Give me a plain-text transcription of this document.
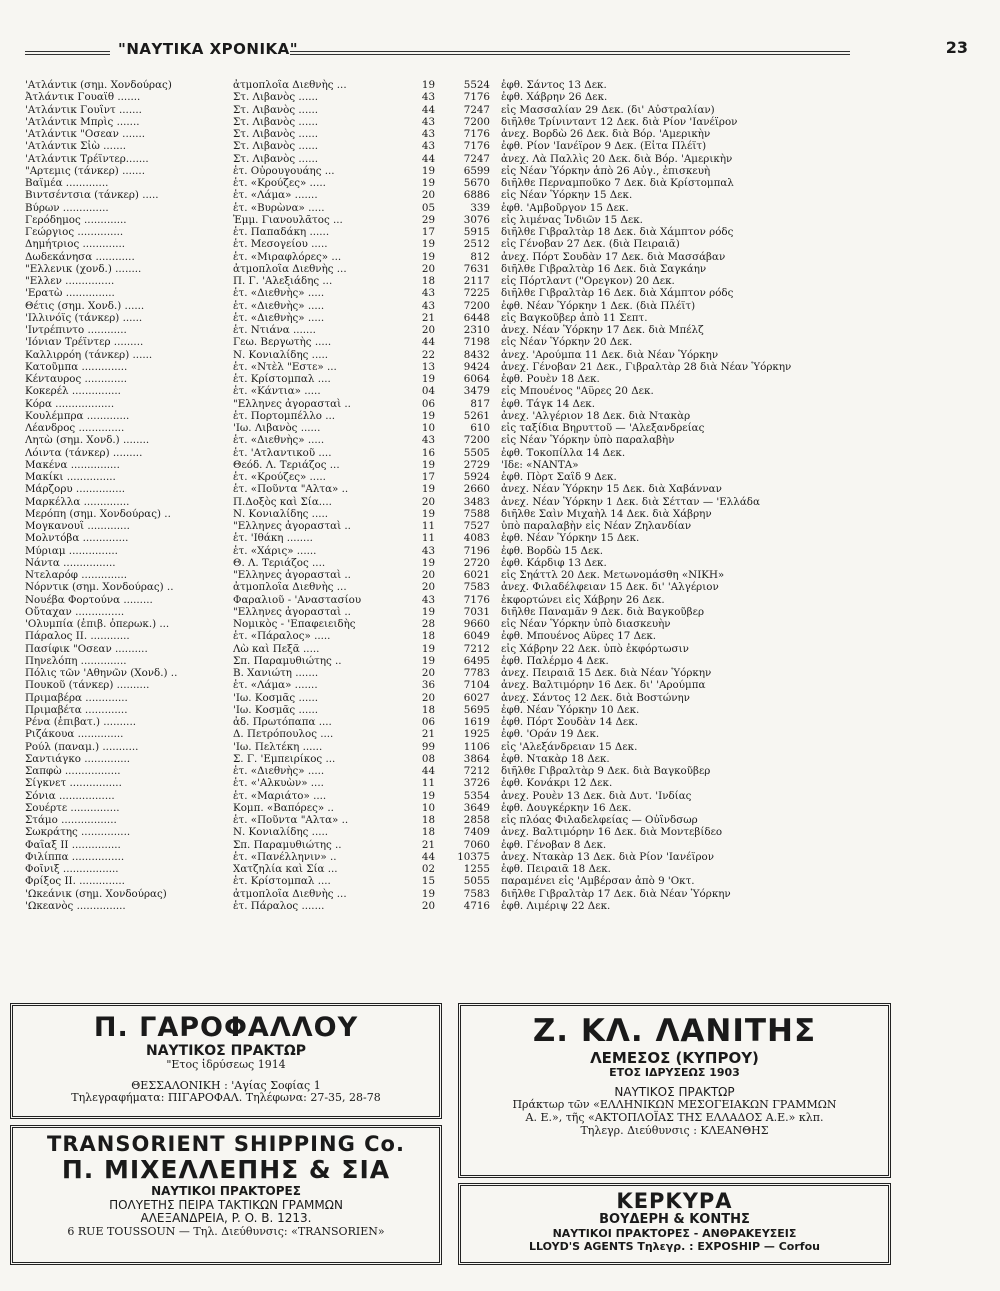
"ΝΑΥΤΙΚΑ ΧΡΟΝΙΚΑ"	23
'Ατλάντικ (σημ. Χονδούρας)	ἀτμοπλοΐα Διεθνὴς ...	19	5524 ἐφθ. Σάντος 13 Δεκ.
Ἀτλάντικ Γουαϊθ .......	Στ. Λιβανὸς ......	43	7176 ἐφθ. Χάβρην 26 Δεκ.
'Ατλάντικ Γουΐντ .......	Στ. Λιβανὸς ......	44	7247 εἰς Μασσαλίαν 29 Δεκ. (δι' Αὐστραλίαν)
'Ατλάντικ Μπρὶς .......	Στ. Λιβανὸς ......	43	7200 διῆλθε Τρίνινταντ 12 Δεκ. διὰ Ρίον 'Ιανέϊρον
'Ατλάντικ "Οσεαν .......	Στ. Λιβανὸς ......	43	7176 ἀνεχ. Βορδὼ 26 Δεκ. διὰ Βόρ. 'Αμερικὴν
'Ατλάντικ Σἰὼ .......	Στ. Λιβανὸς ......	43	7176 ἐφθ. Ρίον 'Ιανέϊρον 9 Δεκ. (Εἶτα Πλέϊτ)
'Ατλάντικ Τρέϊντερ.......	Στ. Λιβανὸς ......	44	7247 ἀνεχ. Λὰ Παλλὶς 20 Δεκ. διὰ Βόρ. 'Αμερικὴν
"Αρτεμις (τάνκερ) .......	ἑτ. Οὐρουγουάης ...	19	6599 εἰς Νέαν Ὑόρκην ἀπὸ 26 Αὐγ., ἐπισκευὴ
Βαϊμέα .............	ἑτ. «Κρούζες» .....	19	5670 διῆλθε Περναμποῦκο 7 Δεκ. διὰ Κρίστομπαλ
Βιντσέντσια (τάνκερ) .....	ἑτ. «Λάμα» .......	20	6886 εἰς Νέαν Ὑόρκην 15 Δεκ.
Βύρων ..............	ἑτ. «Βυρὼνα» .....	05	339 ἐφθ. 'Αμβοῦργον 15 Δεκ.
Γερόδημος .............	Ἐμμ. Γιανουλᾶτος ...	29	3076 εἰς λιμένας Ἰνδιῶν 15 Δεκ.
Γεώργιος ..............	ἑτ. Παπαδάκη ......	17	5915 διῆλθε Γιβραλτὰρ 18 Δεκ. διὰ Χάμπτον ρόδς
Δημήτριος .............	ἑτ. Μεσογείου .....	19	2512 εἰς Γένοβαν 27 Δεκ. (διὰ Πειραιᾶ)
Δωδεκάνησα ............	ἑτ. «Μιραφλόρες» ...	19	812 ἀνεχ. Πόρτ Σουδὰν 17 Δεκ. διὰ Μασσάβαν
"Ελλενικ (χονδ.) ........	ἀτμοπλοΐα Διεθνὴς ...	20	7631 διῆλθε Γιβραλτὰρ 16 Δεκ. διὰ Σαγκάην
"Ελλεν ...............	Π. Γ. 'Αλεξιάδης ...	18	2117 εἰς Πόρτλαντ ("Ορεγκον) 20 Δεκ.
'Ερατὼ ...............	ἑτ. «Διεθνὴς» .....	43	7225 διῆλθε Γιβραλτὰρ 16 Δεκ. διὰ Χάμπτον ρόδς
Θέτις (σημ. Χονδ.) ......	ἑτ. «Διεθνὴς» .....	43	7200 ἐφθ. Νέαν Ὑόρκην 1 Δεκ. (διὰ Πλέϊτ)
'Ιλλινόϊς (τάνκερ) ......	ἑτ. «Διεθνὴς» .....	21	6448 εἰς Βαγκοῦβερ ἀπὸ 11 Σεπτ.
'Ιντρέπιντο ............	ἑτ. Ντιάνα .......	20	2310 ἀνεχ. Νέαν Ὑόρκην 17 Δεκ. διὰ Μπέλζ
'Ιόνιαν Τρέϊντερ .........	Γεω. Βεργωτὴς .....	44	7198 εἰς Νέαν Ὑόρκην 20 Δεκ.
Καλλιρρόη (τάνκερ) ......	Ν. Κονιαλίδης .....	22	8432 ἀνεχ. 'Αρούμπα 11 Δεκ. διὰ Νέαν Ὑόρκην
Κατοῦμπα ..............	ἑτ. «Ντὲλ "Εστε» ...	13	9424 ἀνεχ. Γένοβαν 21 Δεκ., Γιβραλτὰρ 28 διὰ Νέαν Ὑόρκην
Κένταυρος .............	ἑτ. Κρίστομπαλ ....	19	6064 ἐφθ. Ρουὲν 18 Δεκ.
Κοκερέλ ...............	ἑτ. «Κάντια» .....	04	3479 εἰς Μπουένος "Αϋρες 20 Δεκ.
Κόρα ..................	"Ελληνες ἀγορασταὶ ..	06	817 ἐφθ. Τάγκ 14 Δεκ.
Κουλέμπρα .............	ἑτ. Πορτομπέλλο ...	19	5261 ἀνεχ. 'Αλγέριον 18 Δεκ. διὰ Ντακὰρ
Λέανδρος ..............	'Ιω. Λιβανὸς ......	10	610 εἰς ταξίδια Βηρυττοῦ — 'Αλεξανδρείας
Λητὼ (σημ. Χονδ.) ........	ἑτ. «Διεθνὴς» .....	43	7200 εἰς Νέαν Ὑόρκην ὑπὸ παραλαβὴν
Λόιντα (τάνκερ) .........	ἑτ. 'Ατλαντικοῦ ....	16	5505 ἐφθ. Τοκοπίλλα 14 Δεκ.
Μακένα ...............	Θεόδ. Λ. Τεριάζος ...	19	2729 'Ιδε: «ΝΑΝΤΑ»
Μακίκι ...............	ἑτ. «Κρούζες» .....	17	5924 ἐφθ. Πὸρτ Σαΐδ 9 Δεκ.
Μάρζορυ ...............	ἑτ. «Ποῦντα "Αλτα» ..	19	2660 ἀνεχ. Νέαν Ὑόρκην 15 Δεκ. διὰ Χαβάνναν
Μαρκέλλα ..............	Π.Δοξὸς καὶ Σία....	20	3483 ἀνεχ. Νέαν Ὑόρκην 1 Δεκ. διὰ Σέτταν — 'Ελλάδα
Μερόπη (σημ. Χονδούρας) ..	Ν. Κονιαλίδης .....	19	7588 διῆλθε Σαὶν Μιχαὴλ 14 Δεκ. διὰ Χάβρην
Μογκανουΐ .............	"Ελληνες ἀγορασταὶ ..	11	7527 ὑπὸ παραλαβὴν εἰς Νέαν Ζηλανδίαν
Μολντόβα ..............	ἑτ. 'Ιθάκη ........	11	4083 ἐφθ. Νέαν Ὑόρκην 15 Δεκ.
Μύριαμ ...............	ἑτ. «Χάρις» ......	43	7196 ἐφθ. Βορδὼ 15 Δεκ.
Νάντα ................	Θ. Λ. Τεριάζος ....	19	2720 ἐφθ. Κάρδιφ 13 Δεκ.
Ντελαρόφ ..............	"Ελληνες ἀγορασταὶ ..	20	6021 εἰς Σηάττλ 20 Δεκ. Μετωνομάσθη «ΝΙΚΗ»
Νόρντικ (σημ. Χονδούρας) ..	ἀτμοπλοΐα Διεθνὴς ...	20	7583 ἀνεχ. Φιλαδέλφειαν 15 Δεκ. δι' 'Αλγέριον
Νουέβα Φορτούνα .........	Φαραλιοῦ - 'Αναστασίου	43	7176 ἐκφορτώνει εἰς Χάβρην 26 Δεκ.
Οὔταχαν ...............	"Ελληνες ἀγορασταὶ ..	19	7031 διῆλθε Παναμᾶν 9 Δεκ. διὰ Βαγκοῦβερ
'Ολυμπία (ἐπιβ. ὀπερωκ.) ...	Νομικὸς - 'Επαφειειδὴς	28	9660 εἰς Νέαν Ὑόρκην ὑπὸ διασκευὴν
Πάραλος ΙΙ. ............	ἑτ. «Πάραλος» .....	18	6049 ἐφθ. Μπουένος Αϋρες 17 Δεκ.
Πασίφικ "Οσεαν ..........	Λὼ καὶ Πεξᾶ .....	19	7212 εἰς Χάβρην 22 Δεκ. ὑπὸ ἐκφόρτωσιν
Πηνελόπη ..............	Σπ. Παραμυθιώτης ..	19	6495 ἐφθ. Παλέρμο 4 Δεκ.
Πόλις τῶν 'Αθηνῶν (Χονδ.) ..	Β. Χανιώτη .......	20	7783 ἀνεχ. Πειραιᾶ 15 Δεκ. διὰ Νέαν Ὑόρκην
Πουκοῦ (τάνκερ) ..........	ἑτ. «Λάμα» .......	36	7104 ἀνεχ. Βαλτιμόρην 16 Δεκ. δι' 'Αρούμπα
Πριμαβέρα .............	'Ιω. Κοσμᾶς ......	20	6027 ἀνεχ. Σάντος 12 Δεκ. διὰ Βοστώνην
Πριμαβέτα .............	'Ιω. Κοσμᾶς ......	18	5695 ἐφθ. Νέαν Ὑόρκην 10 Δεκ.
Ρένα (ἐπιβατ.) ..........	ἀδ. Πρωτόπαπα ....	06	1619 ἐφθ. Πόρτ Σουδὰν 14 Δεκ.
Ριζάκουα ..............	Δ. Πετρόπουλος ....	21	1925 ἐφθ. 'Οράν 19 Δεκ.
Ρούλ (παναμ.) ...........	'Ιω. Πελτέκη ......	99	1106 εἰς 'Αλεξάνδρειαν 15 Δεκ.
Σαντιάγκο ..............	Σ. Γ. 'Εμπειρίκος ...	08	3864 ἐφθ. Ντακὰρ 18 Δεκ.
Σαπφὼ .................	ἑτ. «Διεθνὴς» .....	44	7212 διῆλθε Γιβραλτὰρ 9 Δεκ. διὰ Βαγκοῦβερ
Σίγκνετ ................	ἑτ. «'Αλκυὼν» ....	11	3726 ἐφθ. Κονάκρι 12 Δεκ.
Σόνια .................	ἑτ. «Μαριάτο» ....	19	5354 ἀνεχ. Ρουὲν 13 Δεκ. διὰ Δυτ. 'Ινδίας
Σουέρτε ...............	Κομπ. «Βαπόρες» ..	10	3649 ἐφθ. Δουγκέρκην 16 Δεκ.
Στάμο .................	ἑτ. «Ποῦντα "Αλτα» ..	18	2858 εἰς πλόας Φιλαδελφείας — Οὐΐνδσωρ
Σωκράτης ...............	Ν. Κονιαλίδης .....	18	7409 ἀνεχ. Βαλτιμόρην 16 Δεκ. διὰ Μοντεβίδεο
Φαΐαξ ΙΙ ...............	Σπ. Παραμυθιώτης ..	21	7060 ἐφθ. Γένοβαν 8 Δεκ.
Φιλίππα ................	ἑτ. «Πανέλληνιν» ..	44	10375 ἀνεχ. Ντακὰρ 13 Δεκ. διὰ Ρίον 'Ιανέϊρον
Φοῖνιξ .................	Χατζηλία καὶ Σία ...	02	1255 ἐφθ. Πειραιᾶ 18 Δεκ.
Φρίξος ΙΙ. ..............	ἑτ. Κρίστομπαλ ....	15	5055 παραμένει εἰς 'Αμβέρσαν ἀπὸ 9 'Οκτ.
'Ωκεάνικ (σημ. Χονδούρας)	ἀτμοπλοΐα Διεθνὴς ...	19	7583 διῆλθε Γιβραλτὰρ 17 Δεκ. διὰ Νέαν Ὑόρκην
'Ωκεανὸς ...............	ἑτ. Πάραλος .......	20	4716 ἐφθ. Λιμέριψ 22 Δεκ.
Π. ΓΑΡΟΦΑΛΛΟΥ
ΝΑΥΤΙΚΟΣ ΠΡΑΚΤΩΡ
"Ετος ἱδρύσεως 1914
ΘΕΣΣΑΛΟΝΙΚΗ : 'Αγίας Σοφίας 1
Τηλεγραφήματα: ΠΙΓΑΡΟΦΑΛ. Τηλέφωνα: 27-35, 28-78
TRANSORIENT SHIPPING Co.
Π. ΜΙΧΕΛΛΕΠΗΣ & ΣΙΑ
ΝΑΥΤΙΚΟΙ ΠΡΑΚΤΟΡΕΣ
ΠΟΛΥΕΤΗΣ ΠΕΙΡΑ ΤΑΚΤΙΚΩΝ ΓΡΑΜΜΩΝ
ΑΛΕΞΑΝΔΡΕΙΑ, P. O. B. 1213.
6 RUE TOUSSOUN — Τηλ. Διεύθυνσις: «TRANSORIEN»
Ζ. ΚΛ. ΛΑΝΙΤΗΣ
ΛΕΜΕΣΟΣ (ΚΥΠΡΟΥ)
ΕΤΟΣ ΙΔΡΥΣΕΩΣ 1903
ΝΑΥΤΙΚΟΣ ΠΡΑΚΤΩΡ
Πράκτωρ τῶν «ΕΛΛΗΝΙΚΩΝ ΜΕΣΟΓΕΙΑΚΩΝ ΓΡΑΜΜΩΝ
Α. Ε.», τῆς «ΑΚΤΟΠΛΟΪΑΣ ΤΗΣ ΕΛΛΑΔΟΣ Α.Ε.» κλπ.
Τηλεγρ. Διεύθυνσις : ΚΛΕΑΝΘΗΣ
ΚΕΡΚΥΡΑ
ΒΟΥΔΕΡΗ & ΚΟΝΤΗΣ
ΝΑΥΤΙΚΟΙ ΠΡΑΚΤΟΡΕΣ - ΑΝΘΡΑΚΕΥΣΕΙΣ
LLOYD'S AGENTS Τηλεγρ. : EXPOSHIP — Corfou
